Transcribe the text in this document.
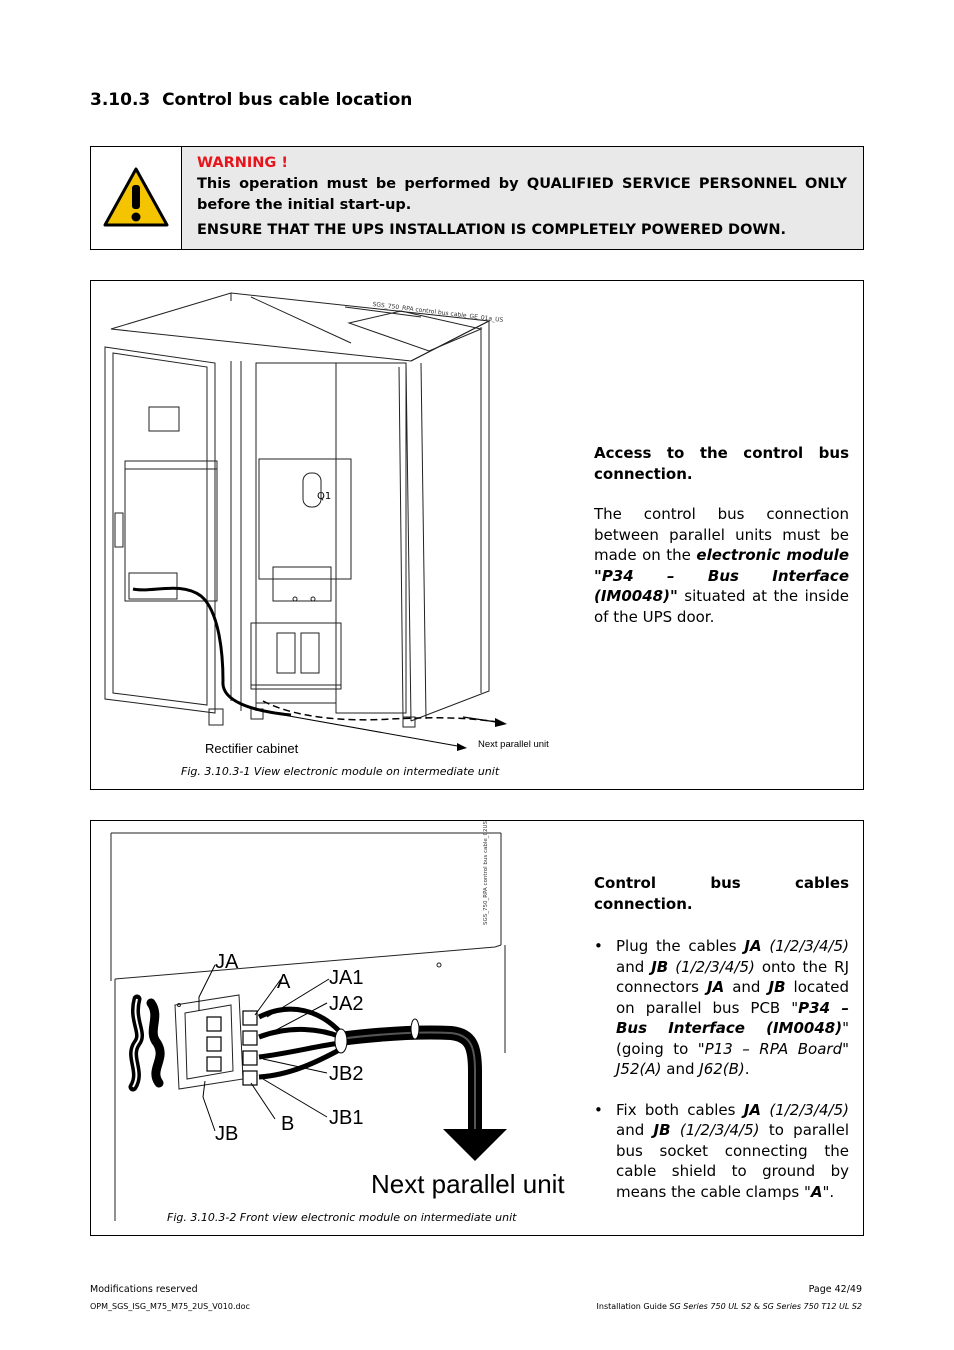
3.10.3 Control bus cable location
WARNING !
This operation must be performed by QUALIFIED SERVICE PERSONNEL ONLY before the initial start-up.
ENSURE THAT THE UPS INSTALLATION IS COMPLETELY POWERED DOWN.
SGS_750_RPA control bus cable_GE_01a_US
Q1
Rectifier cabinet	Next parallel unit
Fig. 3.10.3-1 View electronic module on intermediate unit
Access to the control bus connection.
The control bus connection between parallel units must be made on the electronic module "P34 – Bus Interface (IM0048)" situated at the inside of the UPS door.
SGS_750_RPA control bus cable_02US
JA
A JA1
JA2
JB2
JB1
B
JB
Next parallel unit
Fig. 3.10.3-2 Front view electronic module on intermediate unit
Control bus cables connection.
• Plug the cables JA (1/2/3/4/5) and JB (1/2/3/4/5) onto the RJ connectors JA and JB located on parallel bus PCB "P34 – Bus Interface (IM0048)" (going to "P13 – RPA Board" J52(A) and J62(B).
• Fix both cables JA (1/2/3/4/5) and JB (1/2/3/4/5) to parallel bus socket connecting the cable shield to ground by means the cable clamps "A".
Modifications reserved
OPM_SGS_ISG_M75_M75_2US_V010.doc
Page 42/49
Installation Guide SG Series 750 UL S2 & SG Series 750 T12 UL S2
